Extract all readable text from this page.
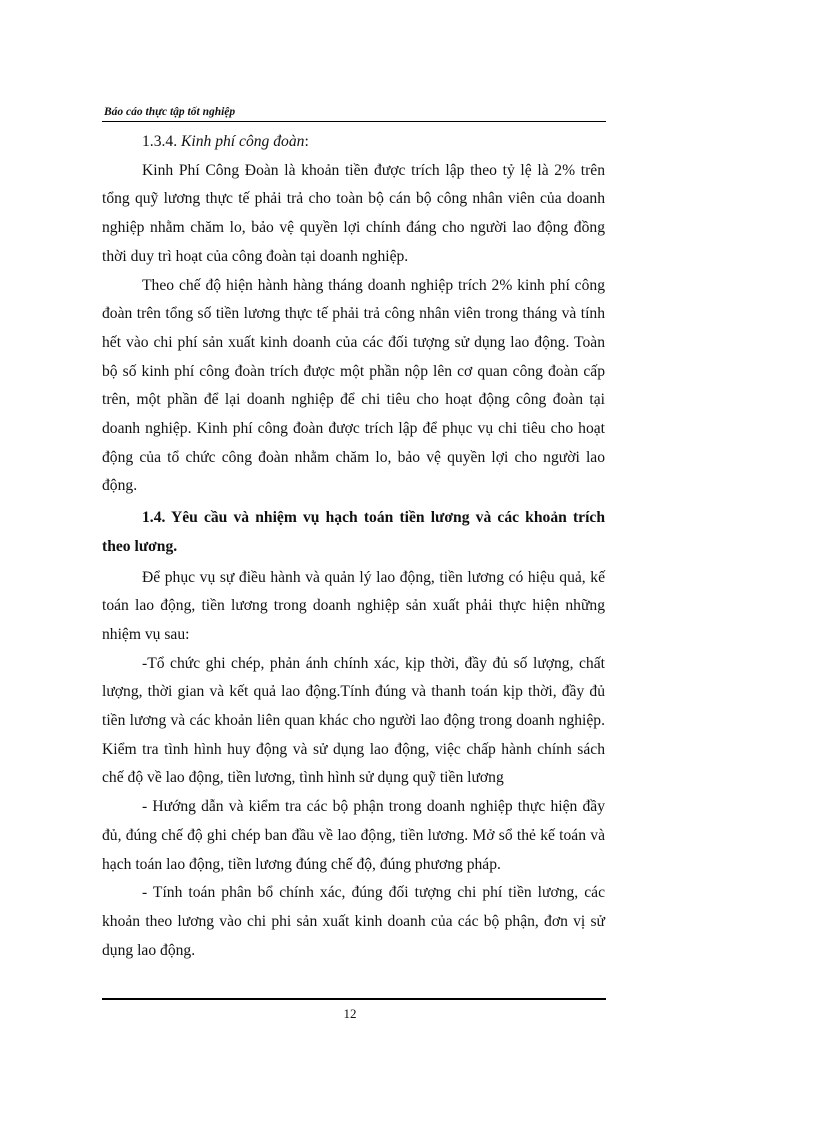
Báo cáo thực tập tốt nghiệp

1.3.4. Kinh phí công đoàn:

Kinh Phí Công Đoàn là khoản tiền được trích lập theo tỷ lệ là 2% trên tổng quỹ lương thực tế phải trả cho toàn bộ cán bộ công nhân viên của doanh nghiệp nhằm chăm lo, bảo vệ quyền lợi chính đáng cho người lao động đồng thời duy trì hoạt của công đoàn tại doanh nghiệp.

Theo chế độ hiện hành hàng tháng doanh nghiệp trích 2% kinh phí công đoàn trên tổng số tiền lương thực tế phải trả công nhân viên trong tháng và tính hết vào chi phí sản xuất kinh doanh của các đối tượng sử dụng lao động. Toàn bộ số kinh phí công đoàn trích được một phần nộp lên cơ quan công đoàn cấp trên, một phần để lại doanh nghiệp để chi tiêu cho hoạt động công đoàn tại doanh nghiệp. Kinh phí công đoàn được trích lập để phục vụ chi tiêu cho hoạt động của tổ chức công đoàn nhằm chăm lo, bảo vệ quyền lợi cho người lao động.

1.4. Yêu cầu và nhiệm vụ hạch toán tiền lương và các khoản trích theo lương.

Để phục vụ sự điều hành và quản lý lao động, tiền lương có hiệu quả, kế toán lao động, tiền lương trong doanh nghiệp sản xuất phải thực hiện những nhiệm vụ sau:

-Tổ chức ghi chép, phản ánh chính xác, kịp thời, đầy đủ số lượng, chất lượng, thời gian và kết quả lao động.Tính đúng và thanh toán kịp thời, đầy đủ tiền lương và các khoản liên quan khác cho người lao động trong doanh nghiệp. Kiểm tra tình hình huy động và sử dụng lao động, việc chấp hành chính sách chế độ về lao động, tiền lương, tình hình sử dụng quỹ tiền lương

- Hướng dẫn và kiểm tra các bộ phận trong doanh nghiệp thực hiện đầy đủ, đúng chế độ ghi chép ban đầu về lao động, tiền lương. Mở sổ thẻ kế toán và hạch toán lao động, tiền lương đúng chế độ, đúng phương pháp.

- Tính toán phân bổ chính xác, đúng đối tượng chi phí tiền lương, các khoản theo lương vào chi phi sản xuất kinh doanh của các bộ phận, đơn vị sử dụng lao động.

12
